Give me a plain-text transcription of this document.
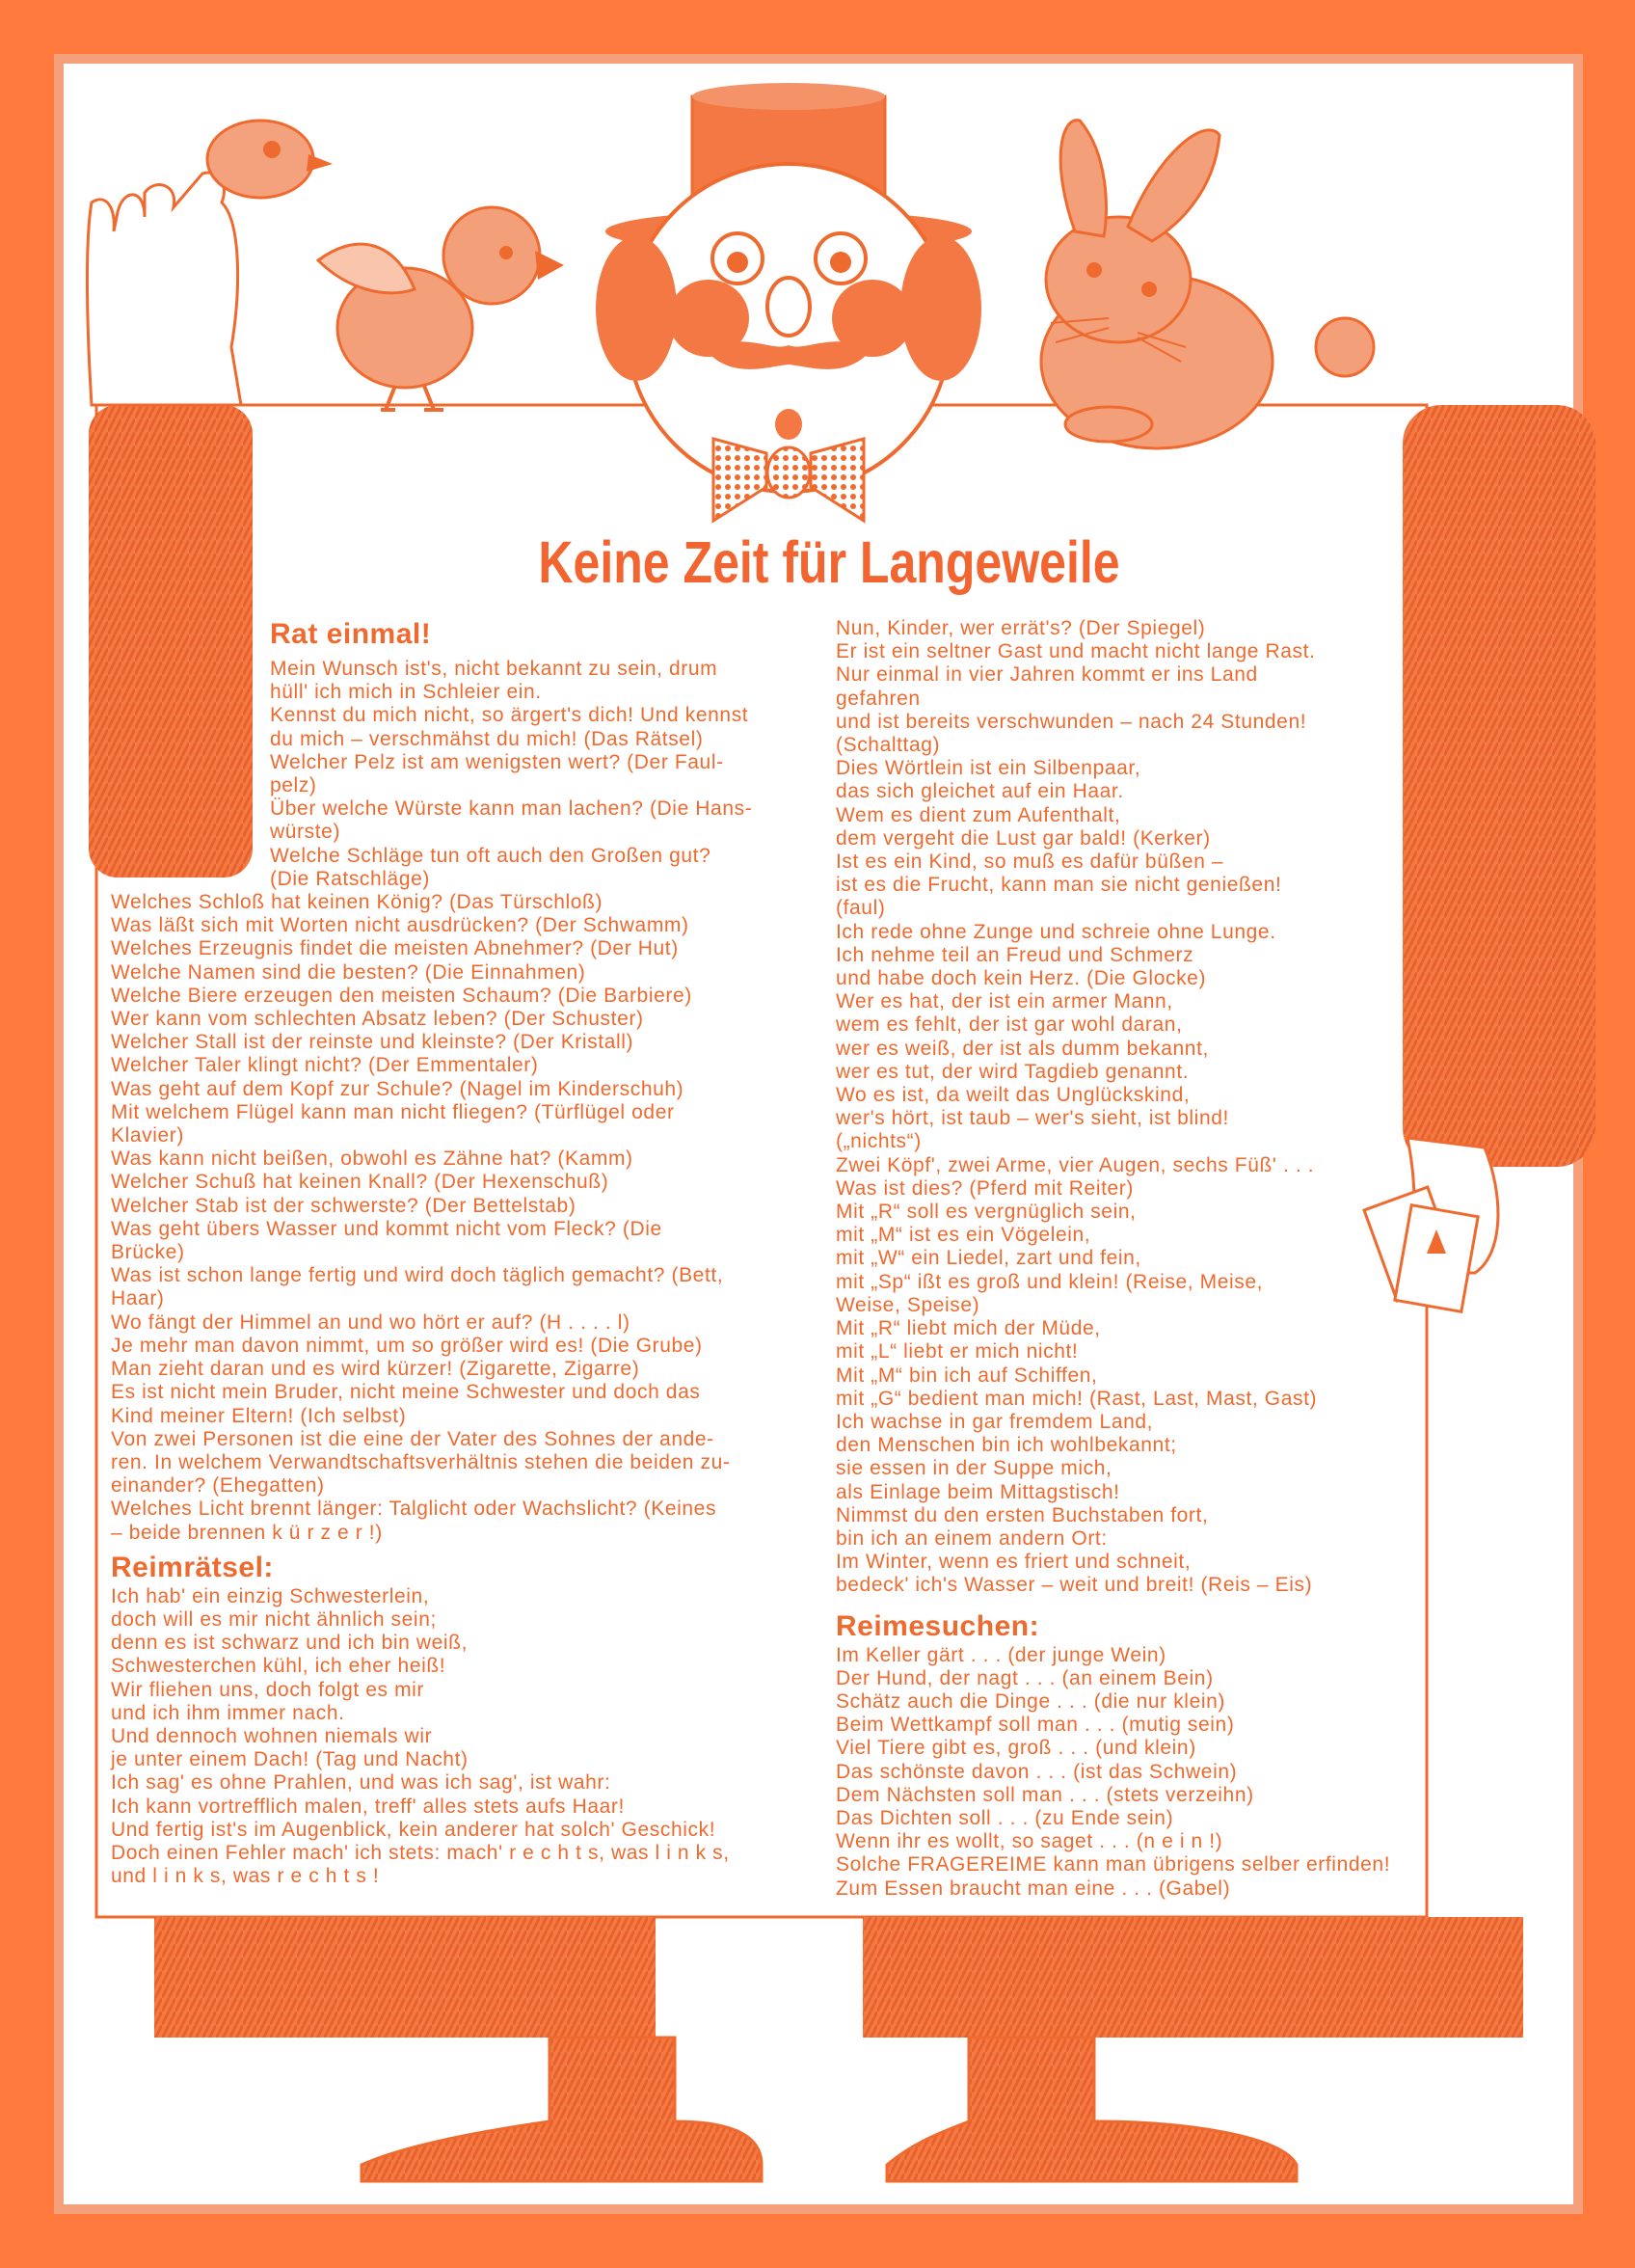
Keine Zeit für Langeweile
Rat einmal!
Mein Wunsch ist's, nicht bekannt zu sein, drum
hüll' ich mich in Schleier ein.
Kennst du mich nicht, so ärgert's dich! Und kennst
du mich – verschmähst du mich! (Das Rätsel)
Welcher Pelz ist am wenigsten wert? (Der Faul-
pelz)
Über welche Würste kann man lachen? (Die Hans-
würste)
Welche Schläge tun oft auch den Großen gut?
(Die Ratschläge)
Welches Schloß hat keinen König? (Das Türschloß)
Was läßt sich mit Worten nicht ausdrücken? (Der Schwamm)
Welches Erzeugnis findet die meisten Abnehmer? (Der Hut)
Welche Namen sind die besten? (Die Einnahmen)
Welche Biere erzeugen den meisten Schaum? (Die Barbiere)
Wer kann vom schlechten Absatz leben? (Der Schuster)
Welcher Stall ist der reinste und kleinste? (Der Kristall)
Welcher Taler klingt nicht? (Der Emmentaler)
Was geht auf dem Kopf zur Schule? (Nagel im Kinderschuh)
Mit welchem Flügel kann man nicht fliegen? (Türflügel oder
Klavier)
Was kann nicht beißen, obwohl es Zähne hat? (Kamm)
Welcher Schuß hat keinen Knall? (Der Hexenschuß)
Welcher Stab ist der schwerste? (Der Bettelstab)
Was geht übers Wasser und kommt nicht vom Fleck? (Die
Brücke)
Was ist schon lange fertig und wird doch täglich gemacht? (Bett,
Haar)
Wo fängt der Himmel an und wo hört er auf? (H . . . . l)
Je mehr man davon nimmt, um so größer wird es! (Die Grube)
Man zieht daran und es wird kürzer! (Zigarette, Zigarre)
Es ist nicht mein Bruder, nicht meine Schwester und doch das
Kind meiner Eltern! (Ich selbst)
Von zwei Personen ist die eine der Vater des Sohnes der ande-
ren. In welchem Verwandtschaftsverhältnis stehen die beiden zu-
einander? (Ehegatten)
Welches Licht brennt länger: Talglicht oder Wachslicht? (Keines
– beide brennen k ü r z e r !)
Reimrätsel:
Ich hab' ein einzig Schwesterlein,
doch will es mir nicht ähnlich sein;
denn es ist schwarz und ich bin weiß,
Schwesterchen kühl, ich eher heiß!
Wir fliehen uns, doch folgt es mir
und ich ihm immer nach.
Und dennoch wohnen niemals wir
je unter einem Dach! (Tag und Nacht)
Ich sag' es ohne Prahlen, und was ich sag', ist wahr:
Ich kann vortrefflich malen, treff' alles stets aufs Haar!
Und fertig ist's im Augenblick, kein anderer hat solch' Geschick!
Doch einen Fehler mach' ich stets: mach' r e c h t s, was l i n k s,
und l i n k s, was r e c h t s !
Nun, Kinder, wer errät's? (Der Spiegel)
Er ist ein seltner Gast und macht nicht lange Rast.
Nur einmal in vier Jahren kommt er ins Land
gefahren
und ist bereits verschwunden – nach 24 Stunden!
(Schalttag)
Dies Wörtlein ist ein Silbenpaar,
das sich gleichet auf ein Haar.
Wem es dient zum Aufenthalt,
dem vergeht die Lust gar bald! (Kerker)
Ist es ein Kind, so muß es dafür büßen –
ist es die Frucht, kann man sie nicht genießen!
(faul)
Ich rede ohne Zunge und schreie ohne Lunge.
Ich nehme teil an Freud und Schmerz
und habe doch kein Herz. (Die Glocke)
Wer es hat, der ist ein armer Mann,
wem es fehlt, der ist gar wohl daran,
wer es weiß, der ist als dumm bekannt,
wer es tut, der wird Tagdieb genannt.
Wo es ist, da weilt das Unglückskind,
wer's hört, ist taub – wer's sieht, ist blind!
(„nichts“)
Zwei Köpf', zwei Arme, vier Augen, sechs Füß' . . .
Was ist dies? (Pferd mit Reiter)
Mit „R“ soll es vergnüglich sein,
mit „M“ ist es ein Vögelein,
mit „W“ ein Liedel, zart und fein,
mit „Sp“ ißt es groß und klein! (Reise, Meise,
Weise, Speise)
Mit „R“ liebt mich der Müde,
mit „L“ liebt er mich nicht!
Mit „M“ bin ich auf Schiffen,
mit „G“ bedient man mich! (Rast, Last, Mast, Gast)
Ich wachse in gar fremdem Land,
den Menschen bin ich wohlbekannt;
sie essen in der Suppe mich,
als Einlage beim Mittagstisch!
Nimmst du den ersten Buchstaben fort,
bin ich an einem andern Ort:
Im Winter, wenn es friert und schneit,
bedeck' ich's Wasser – weit und breit! (Reis – Eis)
Reimesuchen:
Im Keller gärt . . . (der junge Wein)
Der Hund, der nagt . . . (an einem Bein)
Schätz auch die Dinge . . . (die nur klein)
Beim Wettkampf soll man . . . (mutig sein)
Viel Tiere gibt es, groß . . . (und klein)
Das schönste davon . . . (ist das Schwein)
Dem Nächsten soll man . . . (stets verzeihn)
Das Dichten soll . . . (zu Ende sein)
Wenn ihr es wollt, so saget . . . (n e i n !)
Solche FRAGEREIME kann man übrigens selber erfinden!
Zum Essen braucht man eine . . . (Gabel)
